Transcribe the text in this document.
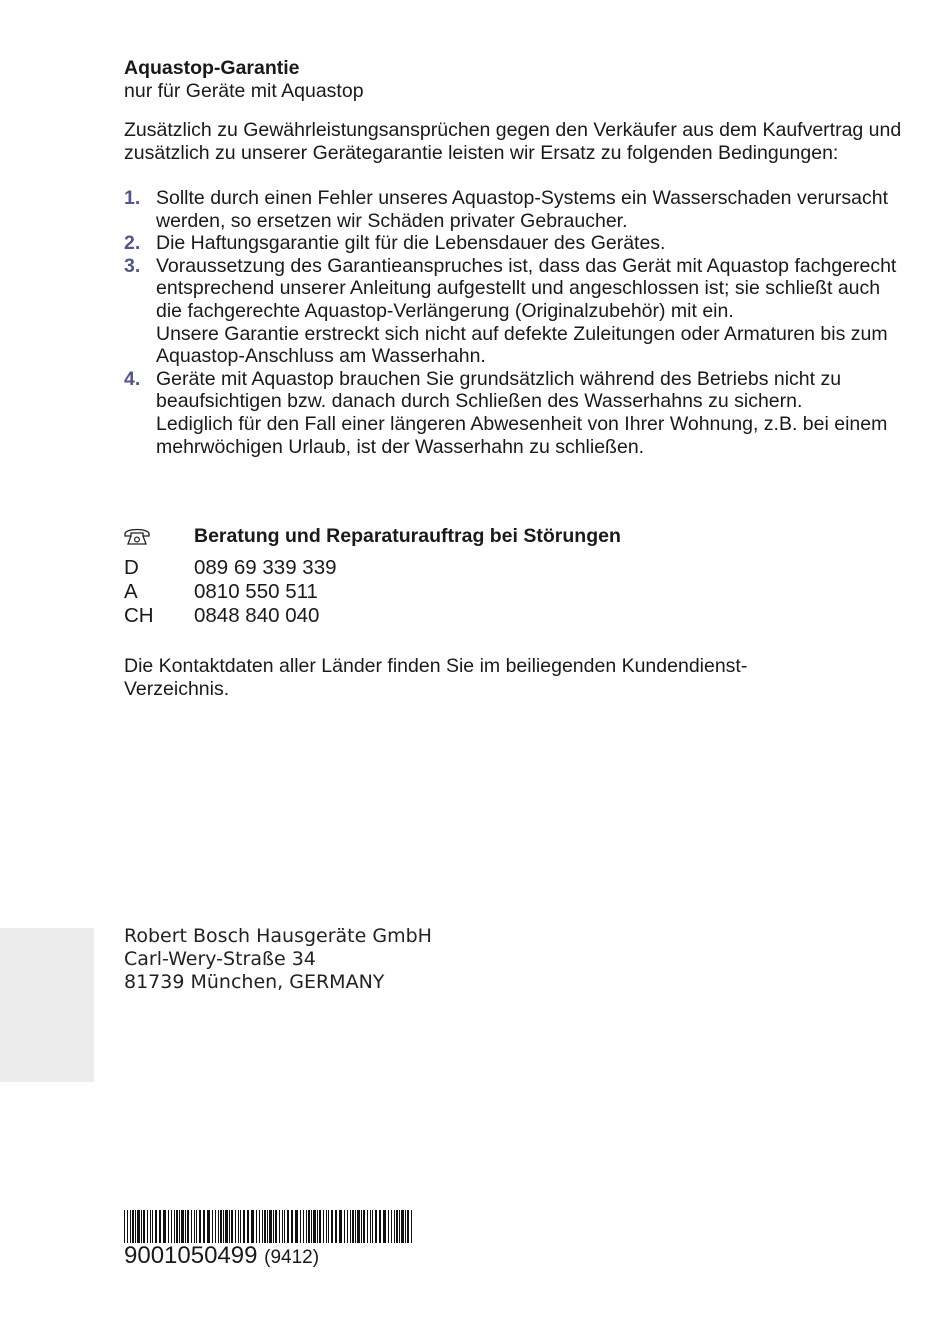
Aquastop-Garantie
nur für Geräte mit Aquastop

Zusätzlich zu Gewährleistungsansprüchen gegen den Verkäufer aus dem Kaufvertrag und zusätzlich zu unserer Gerätegarantie leisten wir Ersatz zu folgenden Bedingungen:

1. Sollte durch einen Fehler unseres Aquastop-Systems ein Wasserschaden verursacht werden, so ersetzen wir Schäden privater Gebraucher.

2. Die Haftungsgarantie gilt für die Lebensdauer des Gerätes.

3. Voraussetzung des Garantieanspruches ist, dass das Gerät mit Aquastop fachgerecht entsprechend unserer Anleitung aufgestellt und angeschlossen ist; sie schließt auch die fachgerechte Aquastop-Verlängerung (Originalzubehör) mit ein.

Unsere Garantie erstreckt sich nicht auf defekte Zuleitungen oder Armaturen bis zum Aquastop-Anschluss am Wasserhahn.

4. Geräte mit Aquastop brauchen Sie grundsätzlich während des Betriebs nicht zu beaufsichtigen bzw. danach durch Schließen des Wasserhahns zu sichern.

Lediglich für den Fall einer längeren Abwesenheit von Ihrer Wohnung, z.B. bei einem mehrwöchigen Urlaub, ist der Wasserhahn zu schließen.

Beratung und Reparaturauftrag bei Störungen
D	089 69 339 339
A	0810 550 511
CH 0848 840 040

Die Kontaktdaten aller Länder finden Sie im beiliegenden Kundendienst-Verzeichnis.

Robert Bosch Hausgeräte GmbH
Carl-Wery-Straße 34
81739 München, GERMANY
9001050499 (9412)
